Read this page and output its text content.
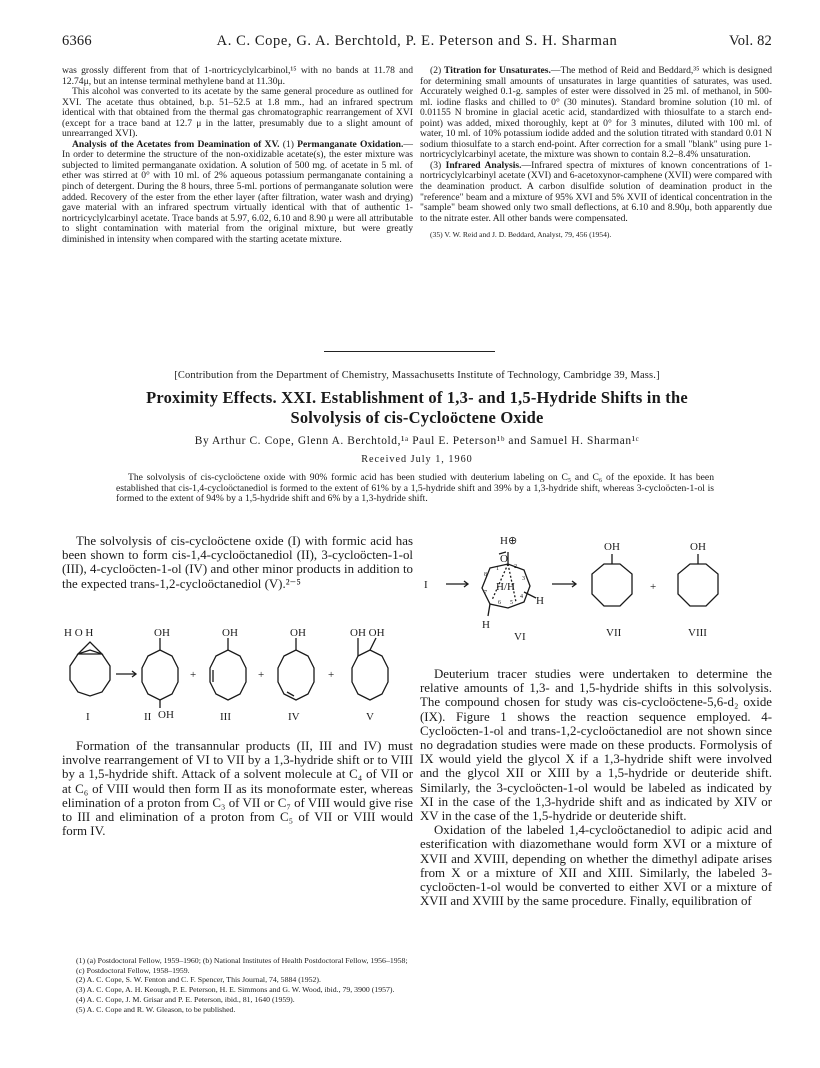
6366	A. C. Cope, G. A. Berchtold, P. E. Peterson and S. H. Sharman	Vol. 82

was grossly different from that of 1-nortricyclylcarbinol,¹⁵ with no bands at 11.78 and 12.74μ, but an intense terminal methylene band at 11.30μ.

This alcohol was converted to its acetate by the same general procedure as outlined for XVI. The acetate thus obtained, b.p. 51–52.5 at 1.8 mm., had an infrared spectrum identical with that obtained from the thermal gas chromatographic rearrangement of XVI (except for a trace band at 12.7 μ in the latter, presumably due to a slight amount of unrearranged XVI).

Analysis of the Acetates from Deamination of XV. (1) Permanganate Oxidation.—In order to determine the structure of the non-oxidizable acetate(s), the ester mixture was subjected to limited permanganate oxidation. A solution of 500 mg. of acetate in 5 ml. of ether was stirred at 0° with 10 ml. of 2% aqueous potassium permanganate containing a pinch of detergent. During the 8 hours, three 5-ml. portions of permanganate solution were added. Recovery of the ester from the ether layer (after filtration, water wash and drying) gave material with an infrared spectrum virtually identical with that of authentic 1-nortricyclylcarbinyl acetate. Trace bands at 5.97, 6.02, 6.10 and 8.90 μ were all attributable to slight contamination with material from the original mixture, but were greatly diminished in intensity when compared with the starting acetate mixture.

(2) Titration for Unsaturates.—The method of Reid and Beddard,³⁵ which is designed for determining small amounts of unsaturates in large quantities of saturates, was used. Accurately weighed 0.1-g. samples of ester were dissolved in 25 ml. of methanol, in 500-ml. iodine flasks and chilled to 0° (30 minutes). Standard bromine solution (10 ml. of 0.01155 N bromine in glacial acetic acid, standardized with thiosulfate to a starch end-point) was added, mixed thoroughly, kept at 0° for 3 minutes, diluted with 100 ml. of water, 10 ml. of 10% potassium iodide added and the solution titrated with standard 0.01 N sodium thiosulfate to a starch end-point. After correction for a small "blank" using pure 1-nortricyclylcarbinyl acetate, the mixture was shown to contain 8.2–8.4% unsaturation.

(3) Infrared Analysis.—Infrared spectra of mixtures of known concentrations of 1-nortricyclylcarbinyl acetate (XVI) and 6-acetoxynor-camphene (XVII) were compared with the deamination product. A carbon disulfide solution of deamination product in the "reference" beam and a mixture of 95% XVI and 5% XVII of identical concentration in the "sample" beam showed only two small deflections, at 6.10 and 8.90μ, both apparently due to the nitrate ester. All other bands were compensated.

(35) V. W. Reid and J. D. Beddard, Analyst, 79, 456 (1954).
[Contribution from the Department of Chemistry, Massachusetts Institute of Technology, Cambridge 39, Mass.]
Proximity Effects. XXI. Establishment of 1,3- and 1,5-Hydride Shifts in the
Solvolysis of cis-Cycloöctene Oxide
By Arthur C. Cope, Glenn A. Berchtold,¹ᵃ Paul E. Peterson¹ᵇ and Samuel H. Sharman¹ᶜ
Received July 1, 1960
The solvolysis of cis-cycloöctene oxide with 90% formic acid has been studied with deuterium labeling on C₅ and C₆ of the epoxide. It has been established that cis-1,4-cycloöctanediol is formed to the extent of 61% by a 1,5-hydride shift and 39% by a 1,3-hydride shift, whereas 3-cycloöcten-1-ol is formed to the extent of 94% by a 1,5-hydride shift and 6% by a 1,3-hydride shift.

The solvolysis of cis-cycloöctene oxide (I) with formic acid has been shown to form cis-1,4-cycloöctanediol (II), 3-cycloöcten-1-ol (III), 4-cycloöcten-1-ol (IV) and other minor products in addition to the expected trans-1,2-cycloöctanediol (V).²⁻⁵

H O H	OH
OH
OH	OH	OH OH
+	+	+
I	II	III	IV	V

Formation of the transannular products (II, III and IV) must involve rearrangement of VI to VII by a 1,3-hydride shift or to VIII by a 1,5-hydride shift. Attack of a solvent molecule at C₄ of VII or at C₆ of VIII would then form II as its monoformate ester, whereas elimination of a proton from C₃ of VII or C₇ of VIII would give rise to III and elimination of a proton from C₅ of VII or VIII would form IV.

I
H⊕
O
H/H
H
H
1	2
3
4
5
6
7
8
OH	OH
+
VI	VII	VIII

Deuterium tracer studies were undertaken to determine the relative amounts of 1,3- and 1,5-hydride shifts in this solvolysis. The compound chosen for study was cis-cycloöctene-5,6-d₂ oxide (IX). Figure 1 shows the reaction sequence employed. 4-Cycloöcten-1-ol and trans-1,2-cycloöctanediol are not shown since no degradation studies were made on these products. Formolysis of IX would yield the glycol X if a 1,3-hydride shift were involved and the glycol XII or XIII by a 1,5-hydride or deuteride shift. Similarly, the 3-cycloöcten-1-ol would be labeled as indicated by XI in the case of the 1,3-hydride shift and as indicated by XIV or XV in the case of the 1,5-hydride or deuteride shift.

Oxidation of the labeled 1,4-cycloöctanediol to adipic acid and esterification with diazomethane would form XVI or a mixture of XVII and XVIII, depending on whether the dimethyl adipate arises from X or a mixture of XII and XIII. Similarly, the labeled 3-cycloöcten-1-ol would be converted to either XVI or a mixture of XVII and XVIII by the same procedure. Finally, equilibration of

(1) (a) Postdoctoral Fellow, 1959–1960; (b) National Institutes of Health Postdoctoral Fellow, 1956–1958; (c) Postdoctoral Fellow, 1958–1959.
(2) A. C. Cope, S. W. Fenton and C. F. Spencer, This Journal, 74, 5884 (1952).
(3) A. C. Cope, A. H. Keough, P. E. Peterson, H. E. Simmons and G. W. Wood, ibid., 79, 3900 (1957).
(4) A. C. Cope, J. M. Grisar and P. E. Peterson, ibid., 81, 1640 (1959).
(5) A. C. Cope and R. W. Gleason, to be published.
